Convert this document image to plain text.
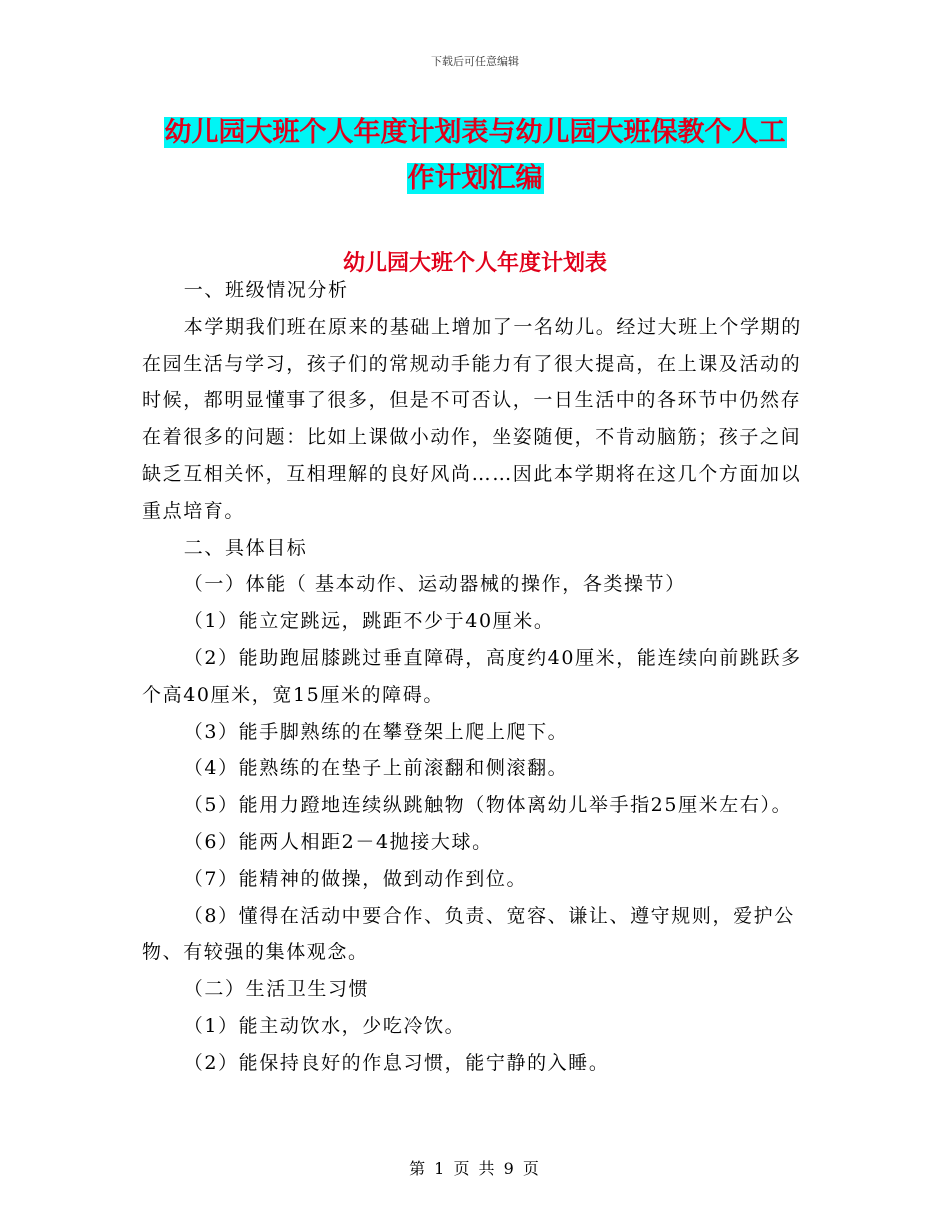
下载后可任意编辑
幼儿园大班个人年度计划表与幼儿园大班保教个人工
作计划汇编
幼儿园大班个人年度计划表

一、班级情况分析

本学期我们班在原来的基础上增加了一名幼儿。经过大班上个学期的在园生活与学习，孩子们的常规动手能力有了很大提高，在上课及活动的时候，都明显懂事了很多，但是不可否认，一日生活中的各环节中仍然存在着很多的问题：比如上课做小动作，坐姿随便，不肯动脑筋；孩子之间缺乏互相关怀，互相理解的良好风尚……因此本学期将在这几个方面加以重点培育。

二、具体目标

（一）体能（ 基本动作、运动器械的操作，各类操节）

（1）能立定跳远，跳距不少于40厘米。

（2）能助跑屈膝跳过垂直障碍，高度约40厘米，能连续向前跳跃多个高40厘米，宽15厘米的障碍。

（3）能手脚熟练的在攀登架上爬上爬下。

（4）能熟练的在垫子上前滚翻和侧滚翻。

（5）能用力蹬地连续纵跳触物（物体离幼儿举手指25厘米左右）。

（6）能两人相距2－4抛接大球。

（7）能精神的做操，做到动作到位。

（8）懂得在活动中要合作、负责、宽容、谦让、遵守规则，爱护公物、有较强的集体观念。

（二）生活卫生习惯

（1）能主动饮水，少吃冷饮。

（2）能保持良好的作息习惯，能宁静的入睡。

第 1 页 共 9 页
